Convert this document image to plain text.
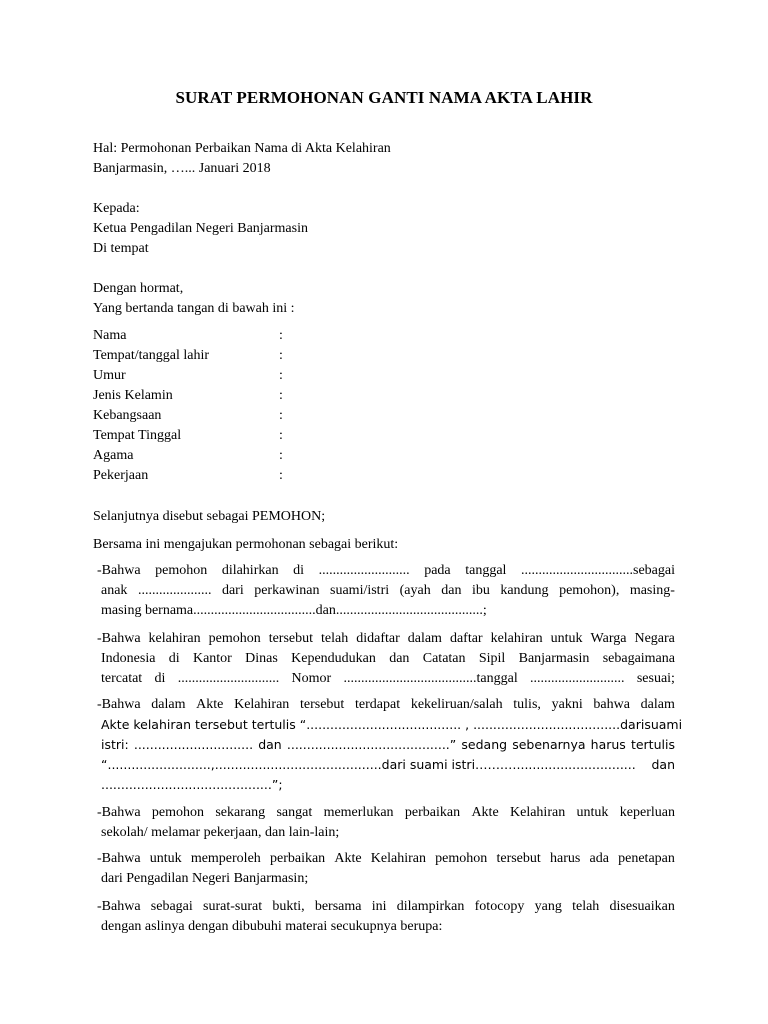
SURAT PERMOHONAN GANTI NAMA AKTA LAHIR
Hal: Permohonan Perbaikan Nama di Akta Kelahiran
Banjarmasin, …... Januari 2018
Kepada:
Ketua Pengadilan Negeri Banjarmasin
Di tempat
Dengan hormat,
Yang bertanda tangan di bawah ini :
Nama	:
Tempat/tanggal lahir	:
Umur	:
Jenis Kelamin	:
Kebangsaan	:
Tempat Tinggal	:
Agama	:
Pekerjaan	:
Selanjutnya disebut sebagai PEMOHON;
Bersama ini mengajukan permohonan sebagai berikut:
-Bahwa pemohon dilahirkan di .......................... pada tanggal ................................sebagai
anak ..................... dari perkawinan suami/istri (ayah dan ibu kandung pemohon), masing-
masing bernama...................................dan..........................................;
-Bahwa kelahiran pemohon tersebut telah didaftar dalam daftar kelahiran untuk Warga Negara
Indonesia di Kantor Dinas Kependudukan dan Catatan Sipil Banjarmasin sebagaimana
tercatat di ............................. Nomor ......................................tanggal ........................... sesuai;
-Bahwa dalam Akte Kelahiran tersebut terdapat kekeliruan/salah tulis, yakni bahwa dalam
Akte kelahiran tersebut tertulis “....................................... , ............................... ...... dari suami
istri: .............................. dan .........................................” sedang sebenarnya harus tertulis
“..........................,..........................................dari suami istri…….….............................. dan
...........................................”;
-Bahwa pemohon sekarang sangat memerlukan perbaikan Akte Kelahiran untuk keperluan
sekolah/ melamar pekerjaan, dan lain-lain;
-Bahwa untuk memperoleh perbaikan Akte Kelahiran pemohon tersebut harus ada penetapan
dari Pengadilan Negeri Banjarmasin;
-Bahwa sebagai surat-surat bukti, bersama ini dilampirkan fotocopy yang telah disesuaikan
dengan aslinya dengan dibubuhi materai secukupnya berupa:
